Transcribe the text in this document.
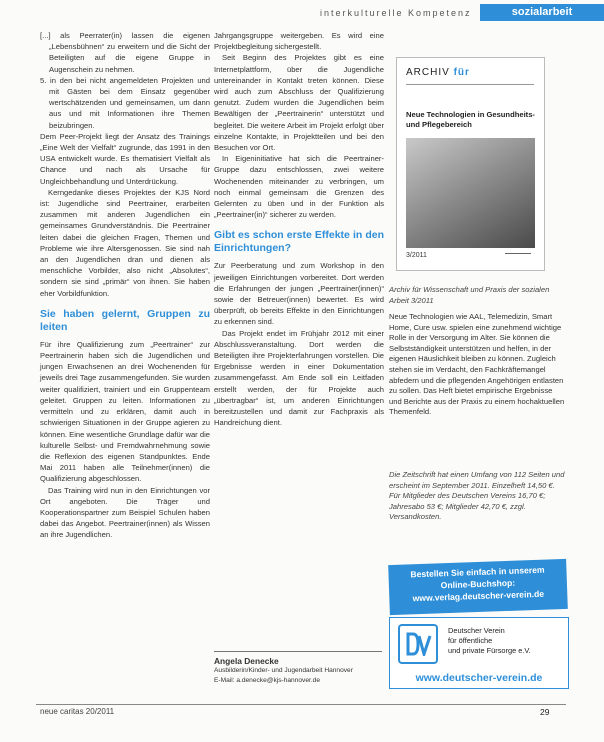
interkulturelle Kompetenz	sozialarbeit

[...] als Peerrater(in) lassen die eigenen „Lebensbühnen“ zu erweitern und die Sicht der Beteiligten auf die eigene Gruppe in Augenschein zu nehmen.

5. in den bei nicht angemeldeten Projekten und mit Gästen bei dem Einsatz gegenüber wertschätzenden und gemeinsamen, um dann aus und mit Informationen ihre Themen beizubringen.

Dem Peer-Projekt liegt der Ansatz des Trainings „Eine Welt der Vielfalt“ zugrunde, das 1991 in den USA entwickelt wurde. Es thematisiert Vielfalt als Chance und nach als Ursache für Ungleichbehandlung und Unterdrückung.

Kerngedanke dieses Projektes der KJS Nord ist: Jugendliche sind Peertrainer, erarbeiten zusammen mit anderen Jugendlichen ein gemeinsames Grundverständnis. Die Peertrainer leiten dabei die gleichen Fragen, Themen und Probleme wie ihre Altersgenossen. Sie sind nah an den Jugendlichen dran und dienen als menschliche Vorbilder, also nicht „Absolutes“, sondern sie sind „primär“ von ihnen. Sie haben eher Vorbildfunktion.

Sie haben gelernt, Gruppen zu leiten

Für ihre Qualifizierung zum „Peertrainer“ zur Peertrainerin haben sich die Jugendlichen und jungen Erwachsenen an drei Wochenenden für jeweils drei Tage zusammengefunden. Sie wurden weiter qualifiziert, trainiert und ein Gruppenteam geleitet. Gruppen zu leiten. Informationen zu vermitteln und zu erklären, damit auch in schwierigen Situationen in der Gruppe agieren zu können. Eine wesentliche Grundlage dafür war die kulturelle Selbst- und Fremdwahrnehmung sowie die Reflexion des eigenen Standpunktes. Ende Mai 2011 haben alle Teilnehmer(innen) die Qualifizierung abgeschlossen.

Das Training wird nun in den Einrichtungen vor Ort angeboten. Die Träger und Kooperationspartner zum Beispiel Schulen haben dabei das Angebot. Peertrainer(innen) als Wissen an ihre Jugendlichen.

Jahrgangsgruppe weitergeben. Es wird eine Projektbegleitung sichergestellt.

Seit Beginn des Projektes gibt es eine Internetplattform, über die Jugendliche untereinander in Kontakt treten können. Diese wird auch zum Abschluss der Qualifizierung genutzt. Zudem wurden die Jugendlichen beim Bewältigen der „Peertrainerin“ unterstützt und begleitet. Die weitere Arbeit im Projekt erfolgt über einzelne Kontakte, in Projektteilen und bei den Besuchen vor Ort.

In Eigeninitiative hat sich die Peertrainer-Gruppe dazu entschlossen, zwei weitere Wochenenden miteinander zu verbringen, um noch einmal gemeinsam die Grenzen des Gelernten zu üben und in der Funktion als „Peertrainer(in)“ sicherer zu werden.

Gibt es schon erste Effekte in den Einrichtungen?

Zur Peerberatung und zum Workshop in den jeweiligen Einrichtungen vorbereitet. Dort werden die Erfahrungen der jungen „Peertrainer(innen)“ sowie der Betreuer(innen) bewertet. Es wird überprüft, ob bereits Effekte in den Einrichtungen zu erkennen sind.

Das Projekt endet im Frühjahr 2012 mit einer Abschlussveranstaltung. Dort werden die Beteiligten ihre Projekterfahrungen vorstellen. Die Ergebnisse werden in einer Dokumentation zusammengefasst. Am Ende soll ein Leitfaden erstellt werden, der für Projekte auch „übertragbar“ ist, um anderen Einrichtungen bereitzustellen und damit zur Fachpraxis als Handreichung dient.

Angela Denecke
Ausbilderin/Kinder- und Jugendarbeit Hannover
E-Mail: a.denecke@kjs-hannover.de
ARCHIV für
Neue Technologien in Gesundheits- und Pflegebereich
3/2011
Archiv für Wissenschaft und Praxis der sozialen Arbeit 3/2011
Neue Technologien wie AAL, Telemedizin, Smart Home, Cure usw. spielen eine zunehmend wichtige Rolle in der Versorgung im Alter. Sie können die Selbstständigkeit unterstützen und helfen, in der eigenen Häuslichkeit bleiben zu können. Zugleich stehen sie im Verdacht, den Fachkräftemangel abfedern und die pflegenden Angehörigen entlasten zu sollen. Das Heft bietet empirische Ergebnisse und Berichte aus der Praxis zu einem hochaktuellen Themenfeld.
Die Zeitschrift hat einen Umfang von 112 Seiten und erscheint im September 2011. Einzelheft 14,50 €. Für Mitglieder des Deutschen Vereins 16,70 €; Jahresabo 53 €; Mitglieder 42,70 €, zzgl. Versandkosten.
Bestellen Sie einfach in unserem
Online-Buchshop:
www.verlag.deutscher-verein.de
Deutscher Verein
für öffentliche
und private Fürsorge e.V.
www.deutscher-verein.de
neue caritas 20/2011	29
